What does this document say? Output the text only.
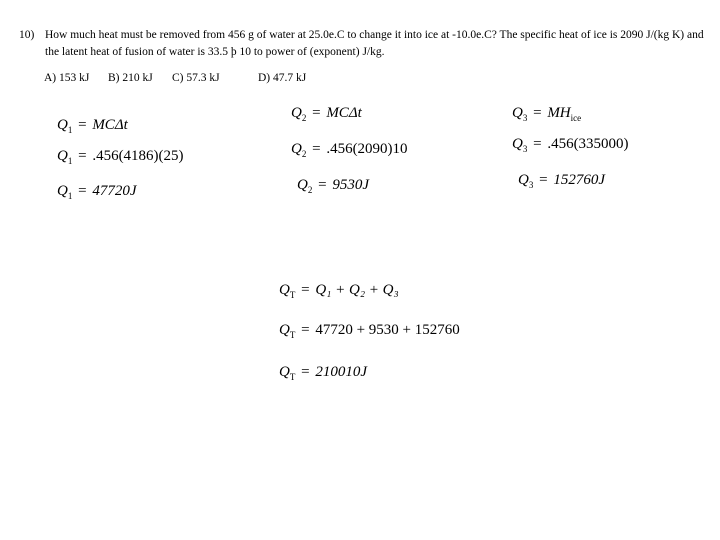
10) How much heat must be removed from 456 g of water at 25.0e.C to change it into ice at -10.0e.C? The specific heat of ice is 2090 J/(kg K) and the latent heat of fusion of water is 33.5 þ 10 to power of (exponent) J/kg.
A) 153 kJ B) 210 kJ C) 57.3 kJ	D) 47.7 kJ
$Q_1 = MC\Delta t$
$Q_1 = .456(4186)(25)$
$Q_1 = 47720J$
$Q_2 = MC\Delta t$
$Q_2 = .456(2090)10$
$Q_2 = 9530J$
$Q_3 = MH_{ice}$
$Q_3 = .456(335000)$
$Q_3 = 152760J$
$Q_T = Q_1 + Q_2 + Q_3$
$Q_T = 47720 + 9530 + 152760$
$Q_T = 210010J$
